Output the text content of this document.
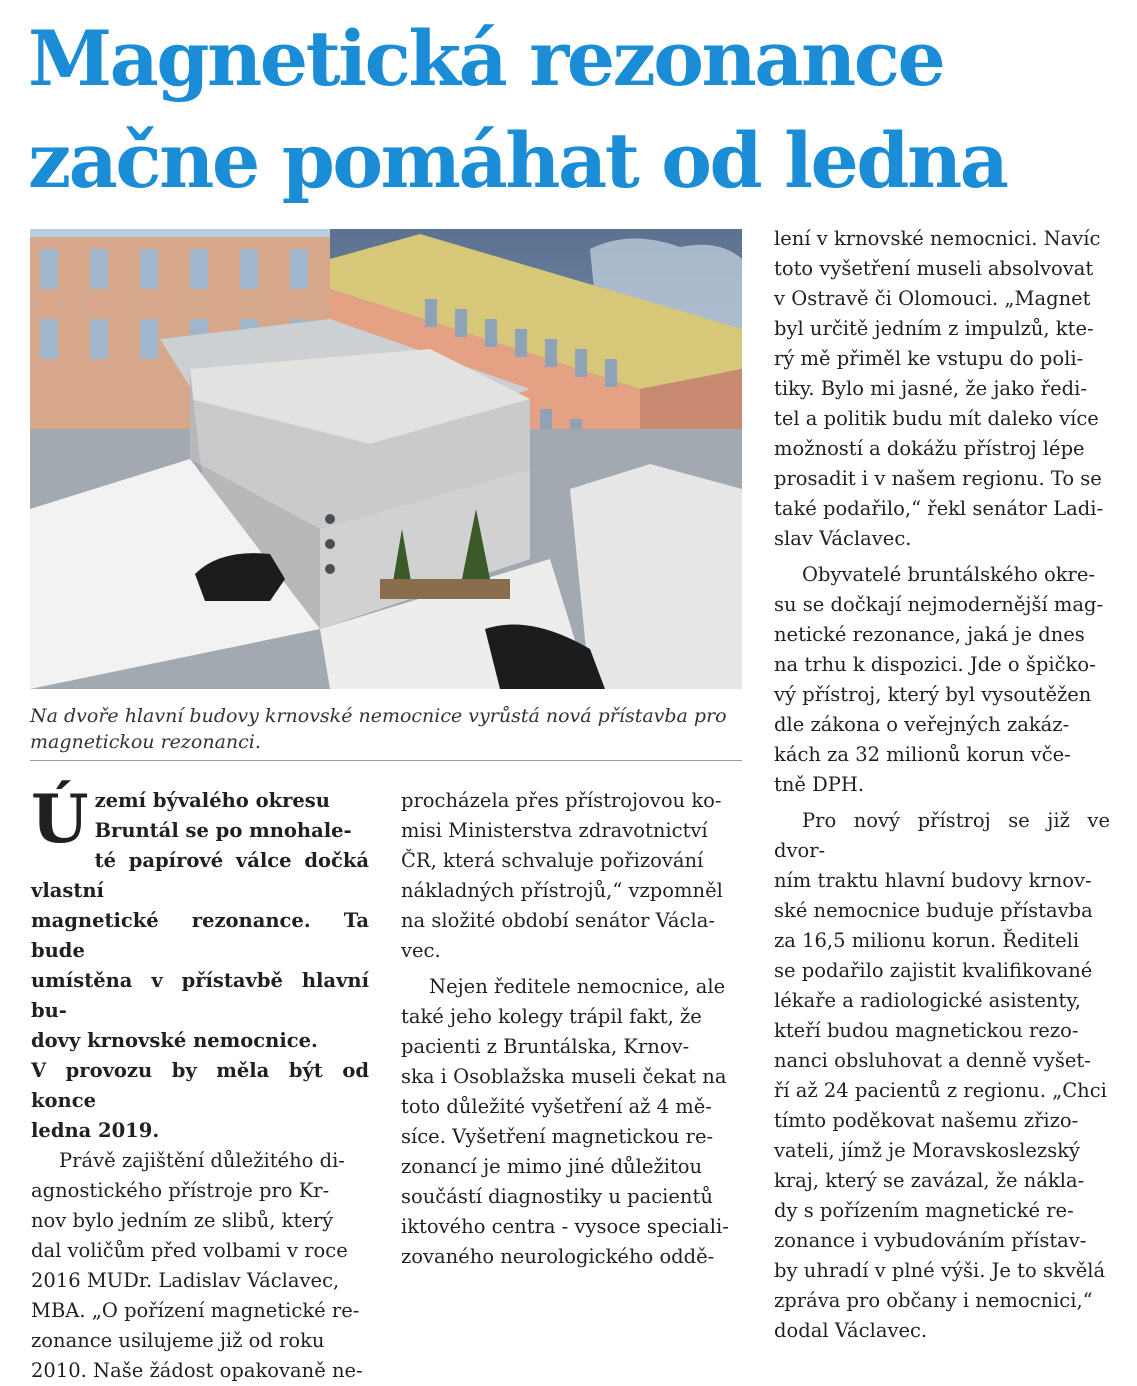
Magnetická rezonance
začne pomáhat od ledna

Na dvoře hlavní budovy krnovské nemocnice vyrůstá nová přístavba pro magnetickou rezonanci.

Ú zemí bývalého okresu
Bruntál se po mnohale-
té papírové válce dočká vlastní
magnetické rezonance. Ta bude
umístěna v přístavbě hlavní bu-
dovy krnovské nemocnice.
V provozu by měla být od konce
ledna 2019.

Právě zajištění důležitého di-
agnostického přístroje pro Kr-
nov bylo jedním ze slibů, který
dal voličům před volbami v roce
2016 MUDr. Ladislav Václavec,
MBA. „O pořízení magnetické re-
zonance usilujeme již od roku
2010. Naše žádost opakovaně ne-

procházela přes přístrojovou ko-
misi Ministerstva zdravotnictví
ČR, která schvaluje pořizování
nákladných přístrojů,“ vzpomněl
na složité období senátor Václa-
vec.

Nejen ředitele nemocnice, ale
také jeho kolegy trápil fakt, že
pacienti z Bruntálska, Krnov-
ska i Osoblažska museli čekat na
toto důležité vyšetření až 4 mě-
síce. Vyšetření magnetickou re-
zonancí je mimo jiné důležitou
součástí diagnostiky u pacientů
iktového centra - vysoce speciali-
zovaného neurologického oddě-

lení v krnovské nemocnici. Navíc
toto vyšetření museli absolvovat
v Ostravě či Olomouci. „Magnet
byl určitě jedním z impulzů, kte-
rý mě přiměl ke vstupu do poli-
tiky. Bylo mi jasné, že jako ředi-
tel a politik budu mít daleko více
možností a dokážu přístroj lépe
prosadit i v našem regionu. To se
také podařilo,“ řekl senátor Ladi-
slav Václavec.

Obyvatelé bruntálského okre-
su se dočkají nejmodernější mag-
netické rezonance, jaká je dnes
na trhu k dispozici. Jde o špičko-
vý přístroj, který byl vysoutěžen
dle zákona o veřejných zakáz-
kách za 32 milionů korun vče-
tně DPH.

Pro nový přístroj se již ve dvor-
ním traktu hlavní budovy krnov-
ské nemocnice buduje přístavba
za 16,5 milionu korun. Řediteli
se podařilo zajistit kvalifikované
lékaře a radiologické asistenty,
kteří budou magnetickou rezo-
nanci obsluhovat a denně vyšet-
ří až 24 pacientů z regionu. „Chci
tímto poděkovat našemu zřizo-
vateli, jímž je Moravskoslezský
kraj, který se zavázal, že nákla-
dy s pořízením magnetické re-
zonance i vybudováním přístav-
by uhradí v plné výši. Je to skvělá
zpráva pro občany i nemocnici,“
dodal Václavec.
